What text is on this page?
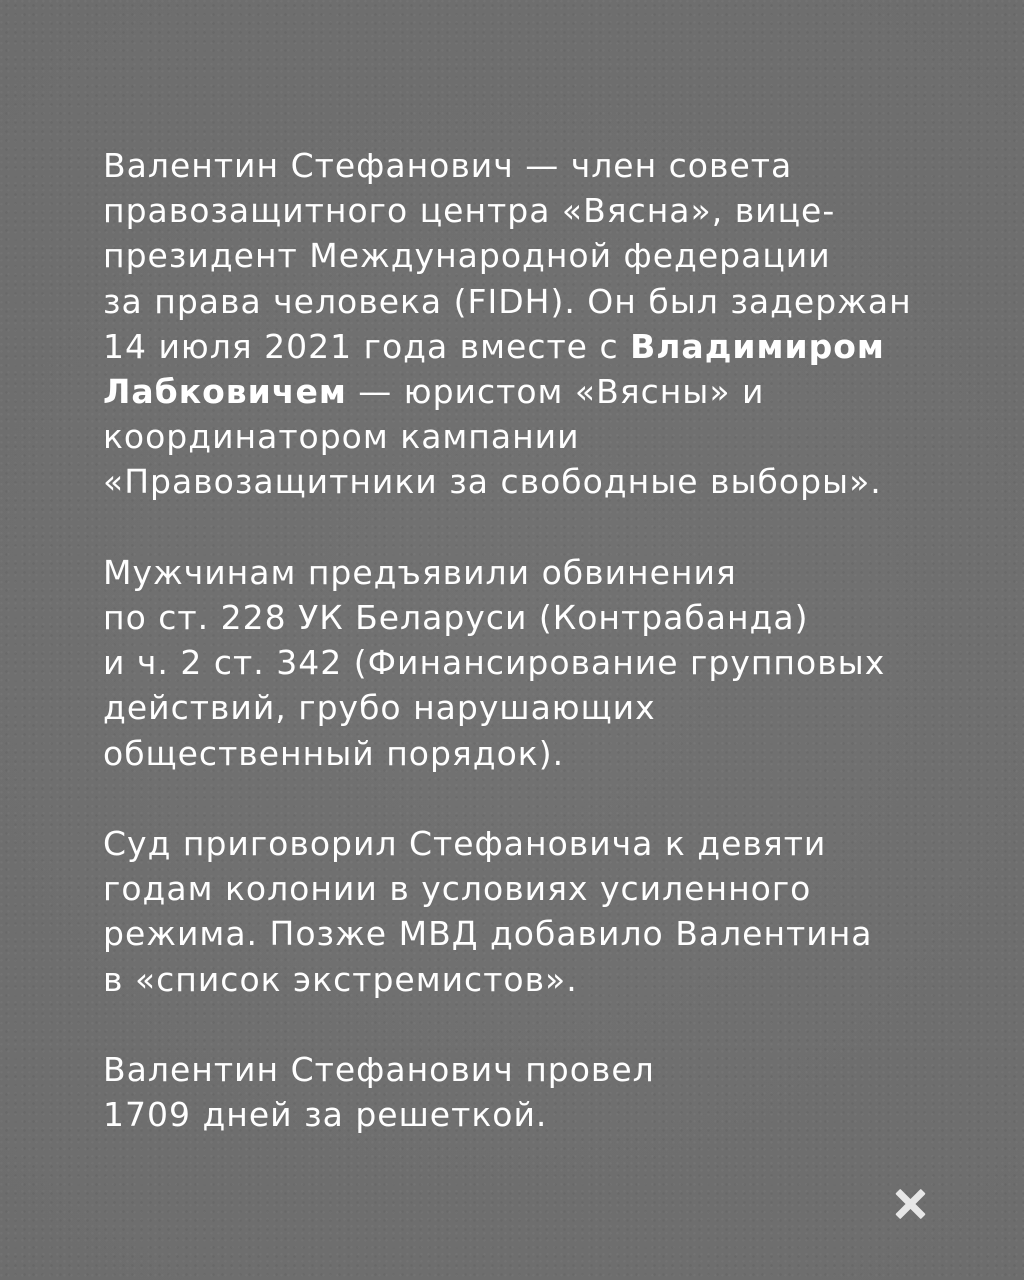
Валентин Стефанович — член совета
правозащитного центра «Вясна», вице-
президент Международной федерации
за права человека (FIDH). Он был задержан
14 июля 2021 года вместе с Владимиром
Лабковичем — юристом «Вясны» и
координатором кампании
«Правозащитники за свободные выборы».

Мужчинам предъявили обвинения
по ст. 228 УК Беларуси (Контрабанда)
и ч. 2 ст. 342 (Финансирование групповых
действий, грубо нарушающих
общественный порядок).

Суд приговорил Стефановича к девяти
годам колонии в условиях усиленного
режима. Позже МВД добавило Валентина
в «список экстремистов».

Валентин Стефанович провел
1709 дней за решеткой.
